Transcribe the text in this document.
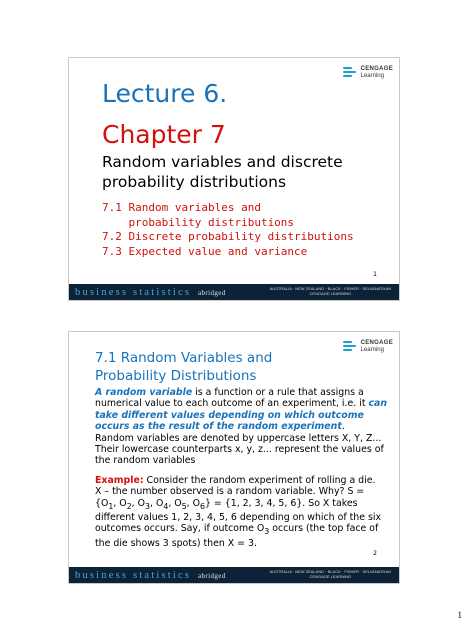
CENGAGE
Learning
Lecture 6.
Chapter 7
Random variables and discrete probability distributions
7.1 Random variables and
probability distributions
7.2 Discrete probability distributions
7.3 Expected value and variance
1
business statistics abridged	AUSTRALIA · NEW ZEALAND · BLACK · FISHER · SELVANATHAN
CENGAGE LEARNING
CENGAGE
Learning
7.1 Random Variables and Probability Distributions

A random variable is a function or a rule that assigns a numerical value to each outcome of an experiment, i.e. it can take different values depending on which outcome occurs as the result of the random experiment.

Random variables are denoted by uppercase letters X, Y, Z... Their lowercase counterparts x, y, z... represent the values of the random variables

Example: Consider the random experiment of rolling a die.
X – the number observed is a random variable. Why? S =
{$O_1$, $O_2$, $O_3$, $O_4$, $O_5$, $O_6\} = \{1$, 2, 3, 4, 5, 6}. So X takes different values 1, 2, 3, 4, 5, 6 depending on which of the six outcomes occurs. Say, if outcome $O_3$ occurs (the top face of the die shows 3 spots) then X = 3.

2
business statistics abridged	AUSTRALIA · NEW ZEALAND · BLACK · FISHER · SELVANATHAN
CENGAGE LEARNING
1
